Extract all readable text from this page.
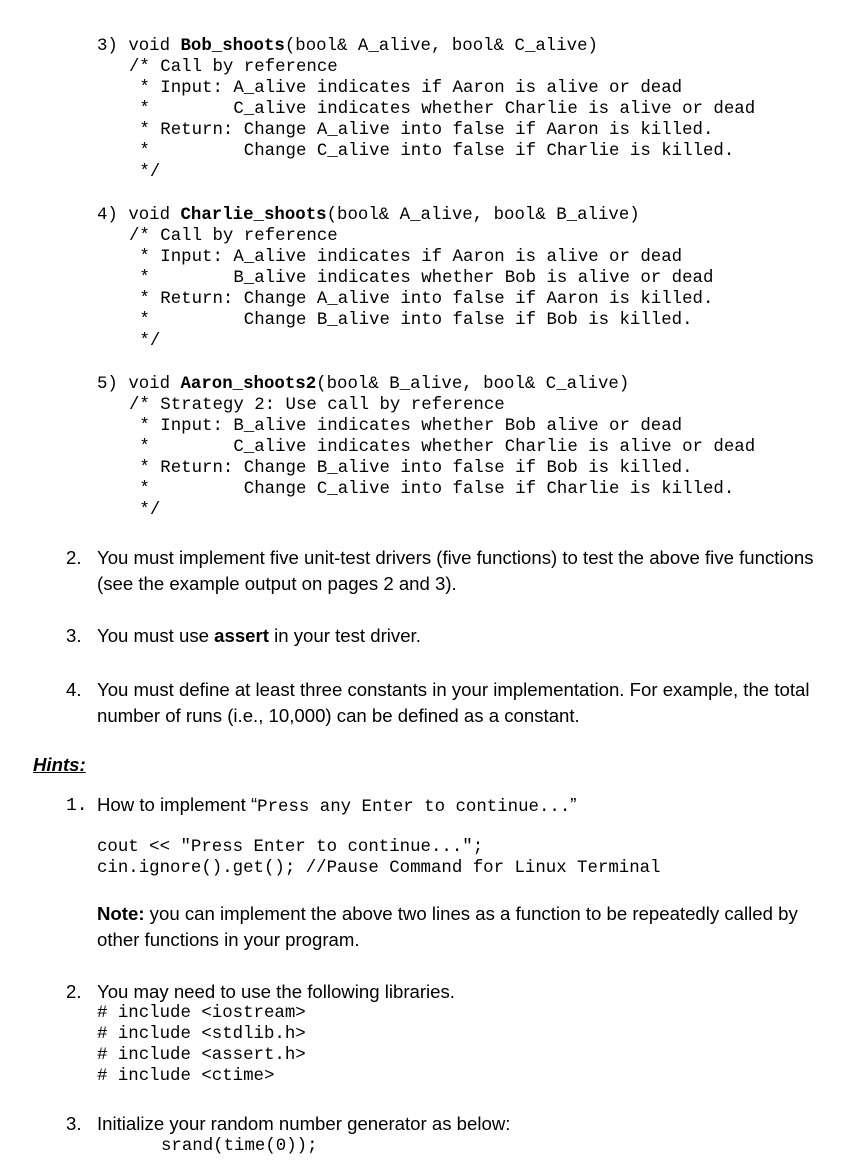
3) void Bob_shoots(bool& A_alive, bool& C_alive)
/* Call by reference
* Input: A_alive indicates if Aaron is alive or dead
*        C_alive indicates whether Charlie is alive or dead
* Return: Change A_alive into false if Aaron is killed.
*         Change C_alive into false if Charlie is killed.
*/
4) void Charlie_shoots(bool& A_alive, bool& B_alive)
/* Call by reference
* Input: A_alive indicates if Aaron is alive or dead
*        B_alive indicates whether Bob is alive or dead
* Return: Change A_alive into false if Aaron is killed.
*         Change B_alive into false if Bob is killed.
*/
5) void Aaron_shoots2(bool& B_alive, bool& C_alive)
/* Strategy 2: Use call by reference
* Input: B_alive indicates whether Bob alive or dead
*        C_alive indicates whether Charlie is alive or dead
* Return: Change B_alive into false if Bob is killed.
*         Change C_alive into false if Charlie is killed.
*/
2. You must implement five unit-test drivers (five functions) to test the above five functions (see the example output on pages 2 and 3).
3. You must use assert in your test driver.
4. You must define at least three constants in your implementation. For example, the total number of runs (i.e., 10,000) can be defined as a constant.
Hints:
1. How to implement “Press any Enter to continue...”
cout << "Press Enter to continue...";
cin.ignore().get(); //Pause Command for Linux Terminal
Note: you can implement the above two lines as a function to be repeatedly called by other functions in your program.
2. You may need to use the following libraries.
# include <iostream>
# include <stdlib.h>
# include <assert.h>
# include <ctime>
3. Initialize your random number generator as below:
srand(time(0));
